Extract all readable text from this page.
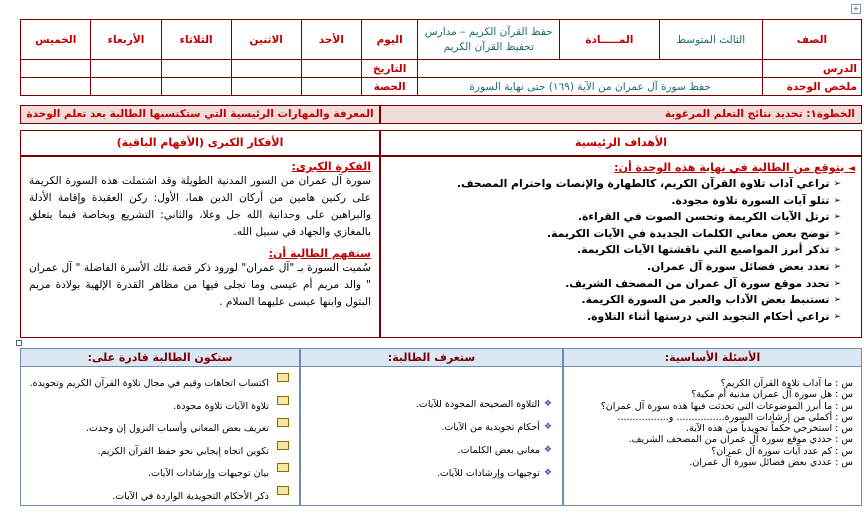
+
الصف	الثالث المتوسط	المـــــادة	حفظ القرآن الكريم – مدارس تحفيظ القرآن الكريم	اليوم	الأحد	الاثنين	الثلاثاء	الأربعاء	الخميس
الدرس				التاريخ					
ملخص الوحدة	حفظ سورة آل عمران من الآية (١٦٩) حتى نهاية السورة			الحصة					
الخطوة١: تحديد نتائج التعلم المرغوبة
المعرفة والمهارات الرئيسية التي ستكتسبها الطالبة بعد تعلم الوحدة
الأهداف الرئيسية
الأفكار الكبرى (الأفهام الباقية)
◄ يتوقع من الطالبة في نهاية هذه الوحدة أن:
➢
تراعي آداب تلاوة القرآن الكريم، كالطهارة والإنصات واحترام المصحف.
➢
تتلو آيات السورة تلاوة مجودة.
➢
ترتل الآيات الكريمة وتحسن الصوت في القراءة.
➢
توضح بعض معاني الكلمات الجديدة في الآيات الكريمة.
➢
تذكر أبرز المواضيع التي ناقشتها الآيات الكريمة.
➢
تعدد بعض فضائل سورة آل عمران.
➢
تحدد موقع سورة آل عمران من المصحف الشريف.
➢
تستنبط بعض الآداب والعبر من السورة الكريمة.
➢
تراعي أحكام التجويد التي درستها أثناء التلاوة.
الفكرة الكبرى:
سورة آل عمران من السور المدنية الطويلة وقد اشتملت هذه السورة الكريمة على ركنين هامين من أركان الدين هما، الأول: ركن العقيدة وإقامة الأدلة والبراهين على وحدانية الله جل وعلا، والثاني: التشريع وبخاصة فيما يتعلق بالمغازي والجهاد في سبيل الله.
ستفهم الطالبة أن:
سُميت السورة بـ "آل عمران" لورود ذكر قصة تلك الأسرة الفاضلة " آل عمران " والد مريم أم عيسى وما تجلى فيها من مظاهر القدرة الإلهية بولادة مريم البتول وابنها عيسى عليهما السلام .
الأسئلة الأساسية:
س : ما آداب تلاوة القرآن الكريم؟
س : هل سورة آل عمران مدنية أم مكية؟
س : ما أبرز الموضوعات التي تحدثت فيها هذه سورة آل عمران؟
س : أكملي من إرشادات السورة................ و.................
س : استخرجي حكماً تجويدياً من هذه الآية.
س : حددي موقع سورة آل عمران من المصحف الشريف.
س : كم عدد آيات سورة آل عمران؟
س : عددي بعض فضائل سورة آل عمران.
ستعرف الطالبة:
❖
التلاوة الصحيحة المجودة للآيات.
❖
أحكام تجويدية من الآيات.
❖
معاني بعض الكلمات.
❖
توجيهات وإرشادات للآيات.
ستكون الطالبة قادرة على:
اكتساب اتجاهات وقيم في مجال تلاوة القرآن الكريم وتجويده.
تلاوة الآيات تلاوة مجودة.
تعريف بعض المعاني وأسباب النزول إن وجدت.
تكوين اتجاه إيجابي نحو حفظ القرآن الكريم.
بيان توجيهات وإرشادات الآيات.
ذكر الأحكام التجويدية الواردة في الآيات.
